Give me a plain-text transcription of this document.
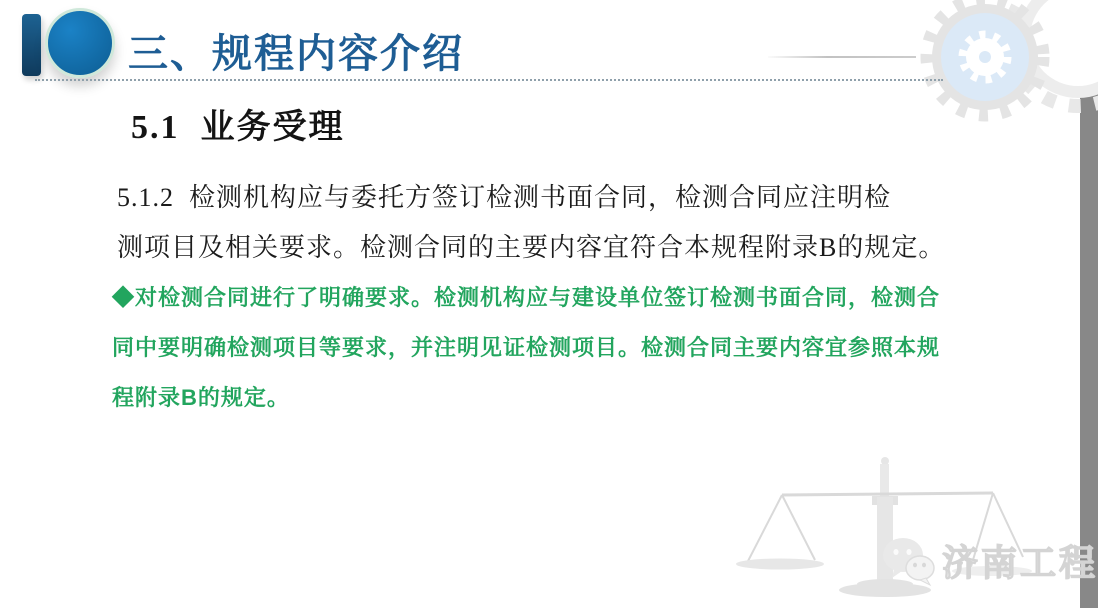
三、规程内容介绍
5.1  业务受理
5.1.2  检测机构应与委托方签订检测书面合同，检测合同应注明检
测项目及相关要求。检测合同的主要内容宜符合本规程附录B的规定。
◆对检测合同进行了明确要求。检测机构应与建设单位签订检测书面合同，检测合
同中要明确检测项目等要求，并注明见证检测项目。检测合同主要内容宜参照本规
程附录B的规定。
济南工程
